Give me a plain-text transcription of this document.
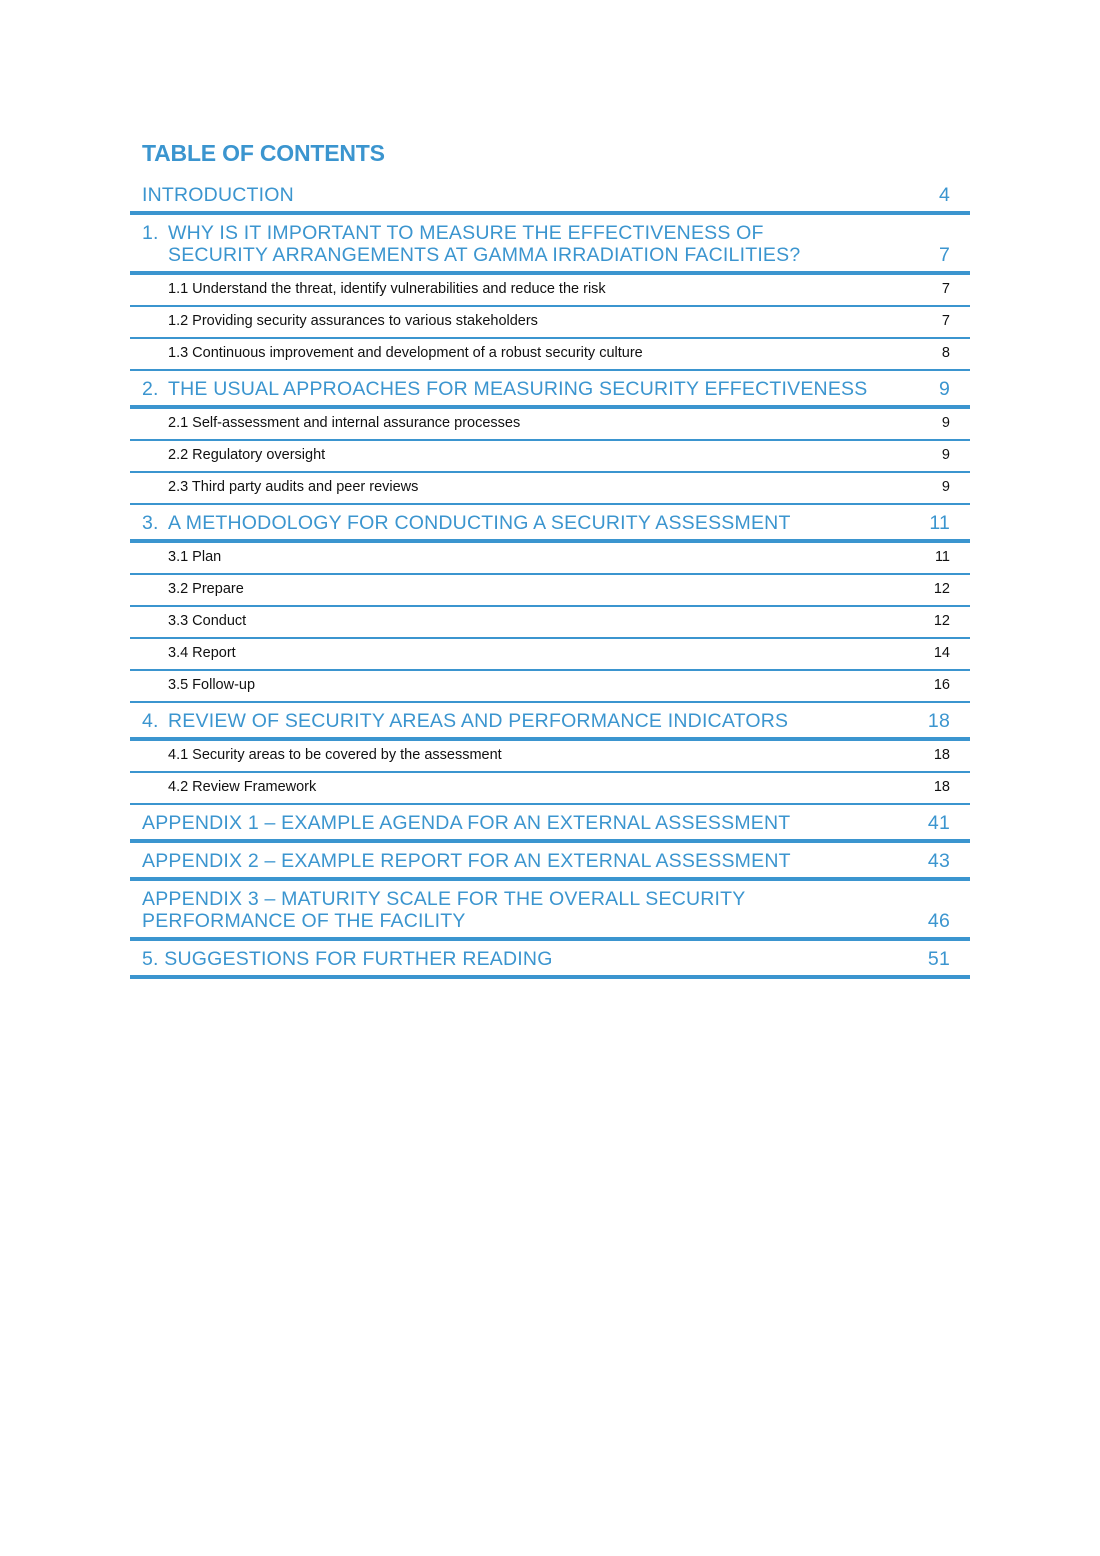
TABLE OF CONTENTS
INTRODUCTION	4
1. WHY IS IT IMPORTANT TO MEASURE THE EFFECTIVENESS OF
SECURITY ARRANGEMENTS AT GAMMA IRRADIATION FACILITIES?	7
1.1 Understand the threat, identify vulnerabilities and reduce the risk	7
1.2 Providing security assurances to various stakeholders	7
1.3 Continuous improvement and development of a robust security culture	8
2. THE USUAL APPROACHES FOR MEASURING SECURITY EFFECTIVENESS	9
2.1 Self-assessment and internal assurance processes	9
2.2 Regulatory oversight	9
2.3 Third party audits and peer reviews	9
3. A METHODOLOGY FOR CONDUCTING A SECURITY ASSESSMENT	11
3.1 Plan	11
3.2 Prepare	12
3.3 Conduct	12
3.4 Report	14
3.5 Follow-up	16
4. REVIEW OF SECURITY AREAS AND PERFORMANCE INDICATORS	18
4.1 Security areas to be covered by the assessment	18
4.2 Review Framework	18
APPENDIX 1 – EXAMPLE AGENDA FOR AN EXTERNAL ASSESSMENT	41
APPENDIX 2 – EXAMPLE REPORT FOR AN EXTERNAL ASSESSMENT	43
APPENDIX 3 – MATURITY SCALE FOR THE OVERALL SECURITY
PERFORMANCE OF THE FACILITY	46
5. SUGGESTIONS FOR FURTHER READING	51
